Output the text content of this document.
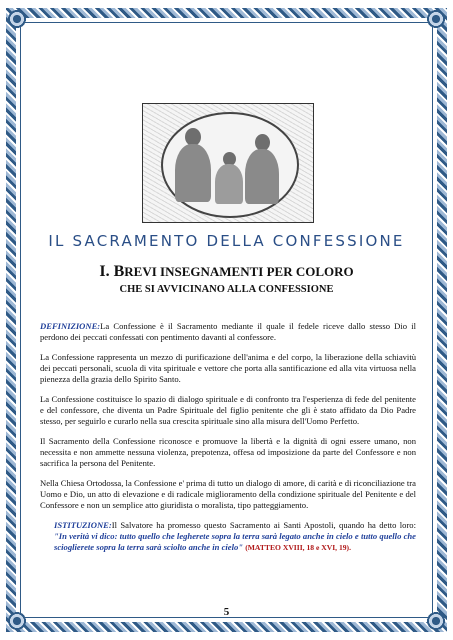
IL SACRAMENTO DELLA CONFESSIONE
I. BREVI INSEGNAMENTI PER COLORO
CHE SI AVVICINANO ALLA CONFESSIONE

DEFINIZIONE:La Confessione è il Sacramento mediante il quale il fedele riceve dallo stesso Dio il perdono dei peccati confessati con pentimento davanti al confessore.

La Confessione rappresenta un mezzo di purificazione dell'anima e del corpo, la liberazione della schiavitù dei peccati personali, scuola di vita spirituale e vettore che porta alla santificazione ed alla vita virtuosa nella pienezza della grazia dello Spirito Santo.

La Confessione costituisce lo spazio di dialogo spirituale e di confronto tra l'esperienza di fede del penitente e del confessore, che diventa un Padre Spirituale del figlio penitente che gli è stato affidato da Dio Padre stesso, per seguirlo e curarlo nella sua crescita spirituale sino alla misura dell'Uomo Perfetto.

Il Sacramento della Confessione riconosce e promuove la libertà e la dignità di ogni essere umano, non necessita e non ammette nessuna violenza, prepotenza, offesa od imposizione da parte del Confessore e non sacrifica la persona del Penitente.

Nella Chiesa Ortodossa, la Confessione e' prima di tutto un dialogo di amore, di carità e di riconciliazione tra Uomo e Dio, un atto di elevazione e di radicale miglioramento della condizione spirituale del Penitente e del Confessore e non un semplice atto giuridista o moralista, tipo patteggiamento.

ISTITUZIONE:Il Salvatore ha promesso questo Sacramento ai Santi Apostoli, quando ha detto loro: "In verità vi dico: tutto quello che legherete sopra la terra sarà legato anche in cielo e tutto quello che scioglierete sopra la terra sarà sciolto anche in cielo" (MATTEO XVIII, 18 e XVI, 19).

5
